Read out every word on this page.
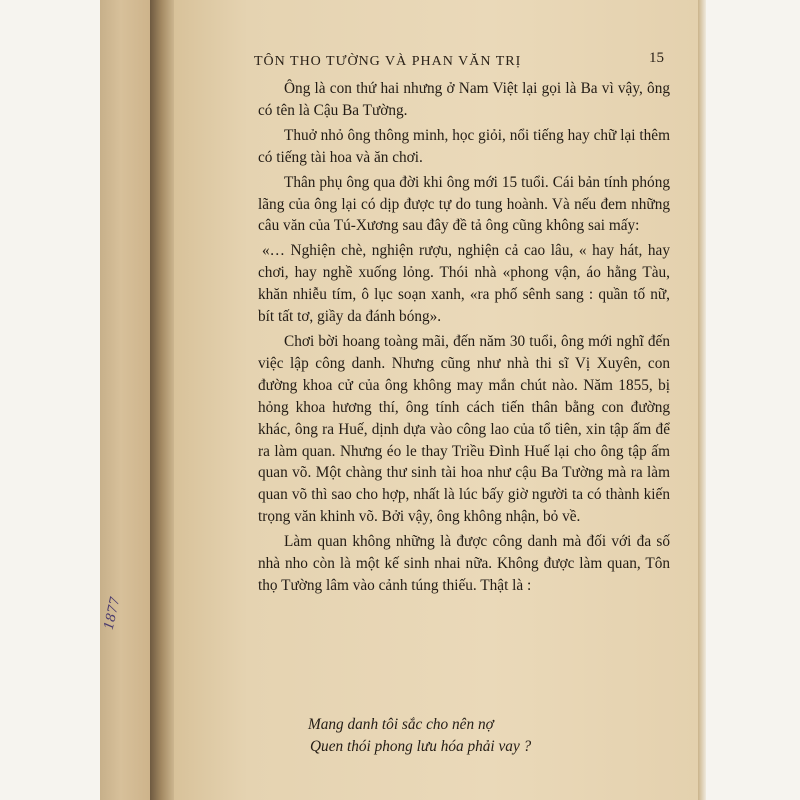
1877
TÔN THO TƯỜNG VÀ PHAN VĂN TRỊ	15

Ông là con thứ hai nhưng ở Nam Việt lại gọi là Ba vì vậy, ông có tên là Cậu Ba Tường.

Thuở nhỏ ông thông minh, học giỏi, nổi tiếng hay chữ lại thêm có tiếng tài hoa và ăn chơi.

Thân phụ ông qua đời khi ông mới 15 tuổi. Cái bản tính phóng lãng của ông lại có dịp được tự do tung hoành. Và nếu đem những câu văn của Tú-Xương sau đây đề tả ông cũng không sai mấy:

«… Nghiện chè, nghiện rượu, nghiện cả cao lâu, « hay hát, hay chơi, hay nghề xuống lỏng. Thói nhà «phong vận, áo hằng Tàu, khăn nhiễu tím, ô lục soạn xanh, «ra phố sênh sang : quần tố nữ, bít tất tơ, giầy da đánh bóng».

Chơi bời hoang toàng mãi, đến năm 30 tuổi, ông mới nghĩ đến việc lập công danh. Nhưng cũng như nhà thi sĩ Vị Xuyên, con đường khoa cử của ông không may mắn chút nào. Năm 1855, bị hỏng khoa hương thí, ông tính cách tiến thân bằng con đường khác, ông ra Huế, dịnh dựa vào công lao của tổ tiên, xin tập ấm để ra làm quan. Nhưng éo le thay Triều Đình Huế lại cho ông tập ấm quan võ. Một chàng thư sinh tài hoa như cậu Ba Tường mà ra làm quan võ thì sao cho hợp, nhất là lúc bấy giờ người ta có thành kiến trọng văn khinh võ. Bởi vậy, ông không nhận, bỏ về.

Làm quan không những là được công danh mà đối với đa số nhà nho còn là một kế sinh nhai nữa. Không được làm quan, Tôn thọ Tường lâm vào cảnh túng thiếu. Thật là :

Mang danh tôi sắc cho nên nợ
Quen thói phong lưu hóa phải vay ?
